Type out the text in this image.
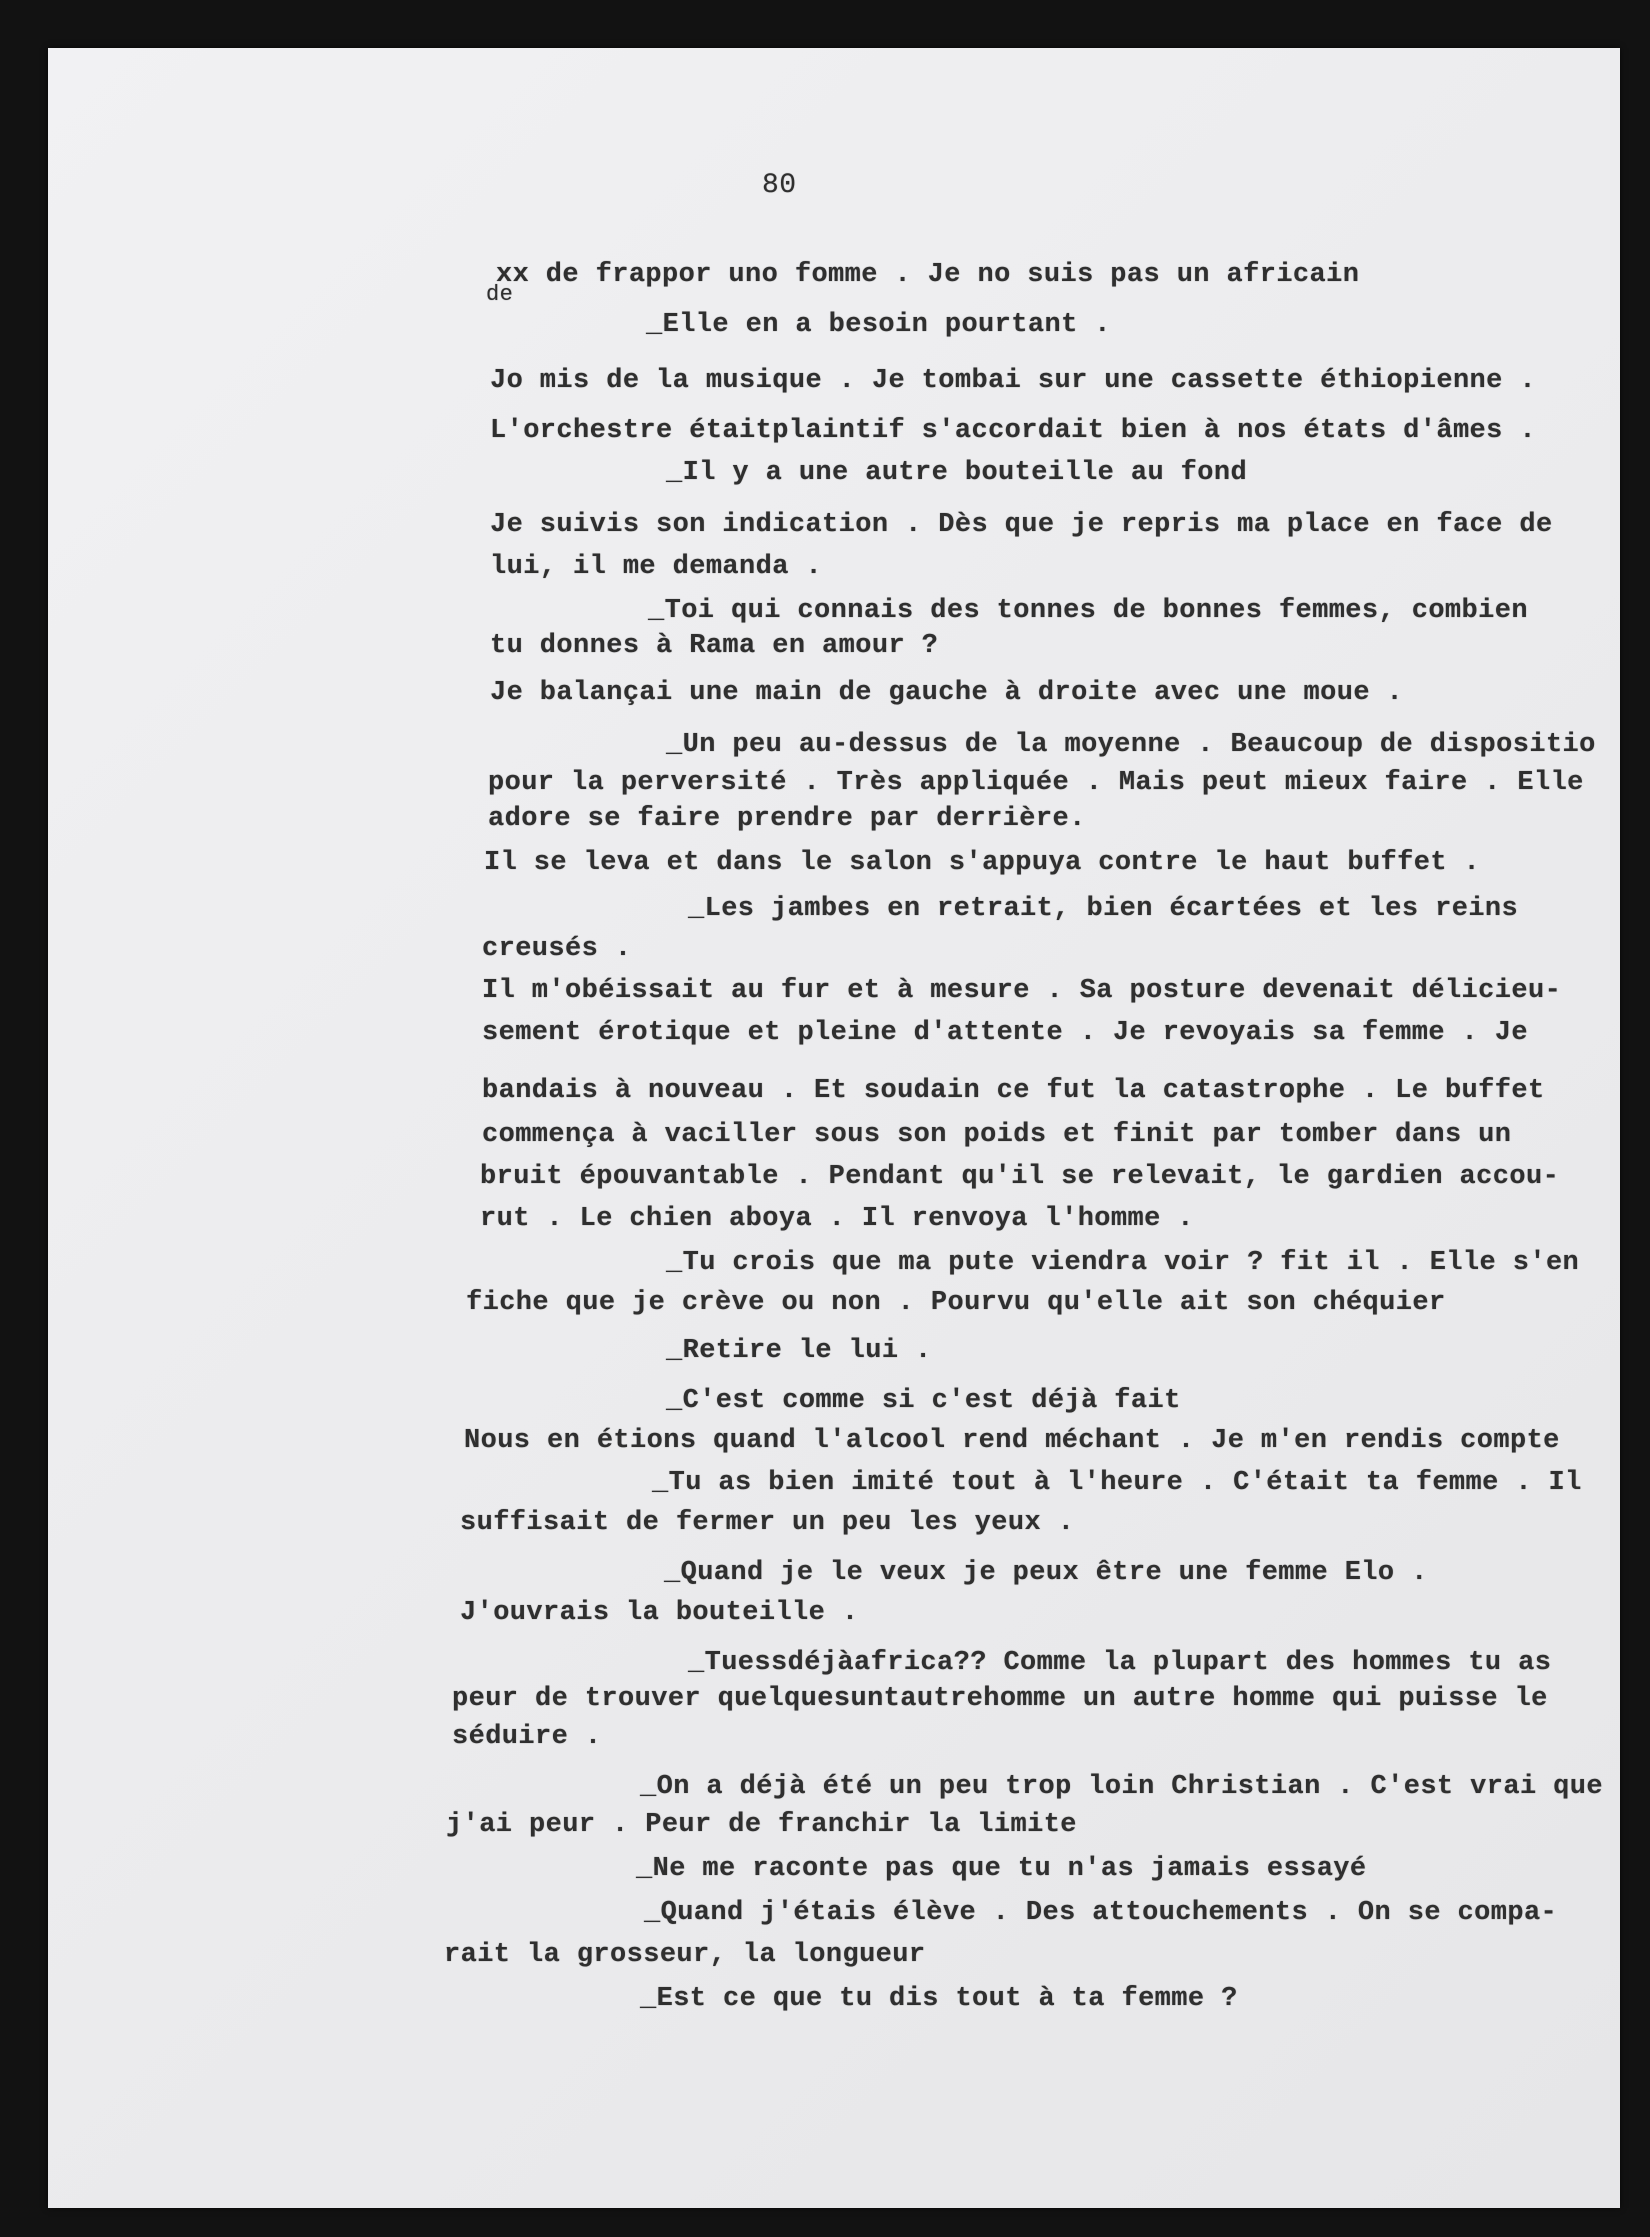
80
de
xx de frappor uno fomme . Je no suis pas un africain
_Elle en a besoin pourtant .
Jo mis de la musique . Je tombai sur une cassette éthiopienne .
L'orchestre étaitplaintif s'accordait bien à nos états d'âmes .
_Il y a une autre bouteille au fond
Je suivis son indication . Dès que je repris ma place en face de
lui, il me demanda .
_Toi qui connais des tonnes de bonnes femmes, combien
tu donnes à Rama en amour ?
Je balançai une main de gauche à droite avec une moue .
_Un peu au-dessus de la moyenne . Beaucoup de dispositio
pour la perversité . Très appliquée . Mais peut mieux faire . Elle
adore se faire prendre par derrière.
Il se leva et dans le salon s'appuya contre le haut buffet .
_Les jambes en retrait, bien écartées et les reins
creusés .
Il m'obéissait au fur et à mesure . Sa posture devenait délicieu-
sement érotique et pleine d'attente . Je revoyais sa femme . Je
bandais à nouveau . Et soudain ce fut la catastrophe . Le buffet
commença à vaciller sous son poids et finit par tomber dans un
bruit épouvantable . Pendant qu'il se relevait, le gardien accou-
rut . Le chien aboya . Il renvoya l'homme .
_Tu crois que ma pute viendra voir ? fit il . Elle s'en
fiche que je crève ou non . Pourvu qu'elle ait son chéquier
_Retire le lui .
_C'est comme si c'est déjà fait
Nous en étions quand l'alcool rend méchant . Je m'en rendis compte
_Tu as bien imité tout à l'heure . C'était ta femme . Il
suffisait de fermer un peu les yeux .
_Quand je le veux je peux être une femme Elo .
J'ouvrais la bouteille .
_Tuessdéjàafrica?? Comme la plupart des hommes tu as
peur de trouver quelquesuntautrehomme un autre homme qui puisse le
séduire .
_On a déjà été un peu trop loin Christian . C'est vrai que
j'ai peur . Peur de franchir la limite
_Ne me raconte pas que tu n'as jamais essayé
_Quand j'étais élève . Des attouchements . On se compa-
rait la grosseur, la longueur
_Est ce que tu dis tout à ta femme ?
